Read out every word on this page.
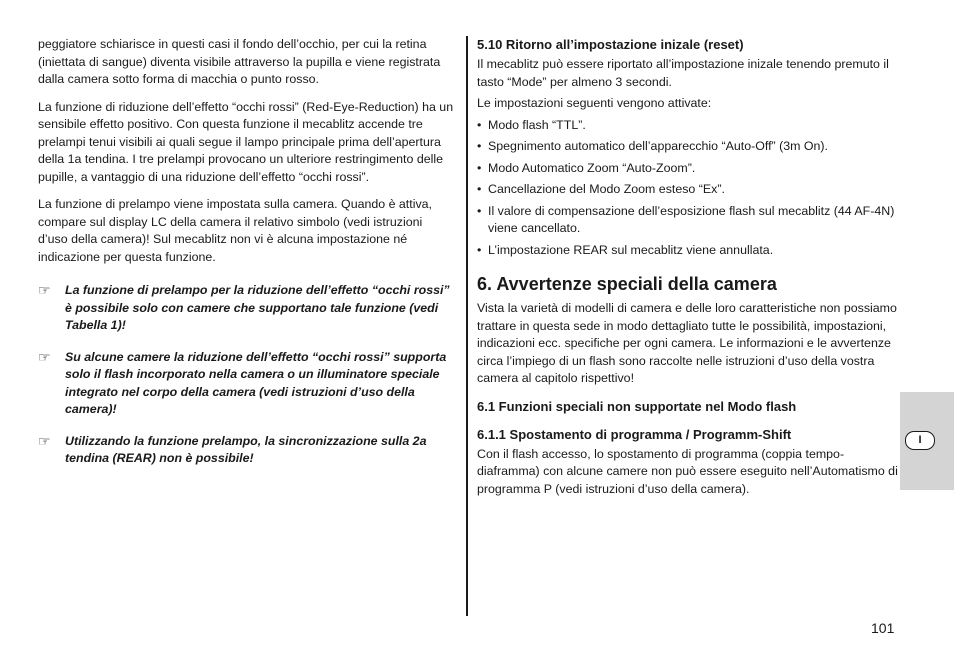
peggiatore schiarisce in questi casi il fondo dell’occhio, per cui la retina (iniettata di sangue) diventa visibile attraverso la pupilla e viene registrata dalla camera sotto forma di macchia o punto rosso.

La funzione di riduzione dell’effetto “occhi rossi” (Red-Eye-Reduction) ha un sensibile effetto positivo. Con questa funzione il mecablitz accende tre prelampi tenui visibili ai quali segue il lampo principale prima dell’apertura della 1a tendina. I tre prelampi provocano un ulteriore restringimento delle pupille, a vantaggio di una riduzione dell’effetto “occhi rossi”.

La funzione di prelampo viene impostata sulla camera. Quando è attiva, compare sul display LC della camera il relativo simbolo (vedi istruzioni d’uso della camera)! Sul mecablitz non vi è alcuna impostazione né indicazione per questa funzione.

☞	La funzione di prelampo per la riduzione dell’effetto “occhi rossi” è possibile solo con camere che supportano tale funzione (vedi Tabella 1)!
☞	Su alcune camere la riduzione dell’effetto “occhi rossi” supporta solo il flash incorporato nella camera o un illuminatore speciale integrato nel corpo della camera (vedi istruzioni d’uso della camera)!
☞	Utilizzando la funzione prelampo, la sincronizzazione sulla 2a tendina (REAR) non è possibile!
5.10 Ritorno all’impostazione inizale (reset)

Il mecablitz può essere riportato all’impostazione inizale tenendo premuto il tasto “Mode” per almeno 3 secondi.

Le impostazioni seguenti vengono attivate:

• Modo flash “TTL”.
• Spegnimento automatico dell’apparecchio “Auto-Off” (3m On).
• Modo Automatico Zoom “Auto-Zoom”.
• Cancellazione del Modo Zoom esteso “Ex”.
• Il valore di compensazione dell’esposizione flash sul mecablitz (44 AF-4N) viene cancellato.
• L’impostazione REAR sul mecablitz viene annullata.
6. Avvertenze speciali della camera

Vista la varietà di modelli di camera e delle loro caratteristiche non possiamo trattare in questa sede in modo dettagliato tutte le possibilità, impostazioni, indicazioni ecc. specifiche per ogni camera. Le informazioni e le avvertenze circa l’impiego di un flash sono raccolte nelle istruzioni d’uso della vostra camera al capitolo rispettivo!

6.1 Funzioni speciali non supportate nel Modo flash
6.1.1 Spostamento di programma / Programm-Shift

Con il flash accesso, lo spostamento di programma (coppia tempo-diaframma) con alcune camere non può essere eseguito nell’Automatismo di programma P (vedi istruzioni d’uso della camera).

I
101
